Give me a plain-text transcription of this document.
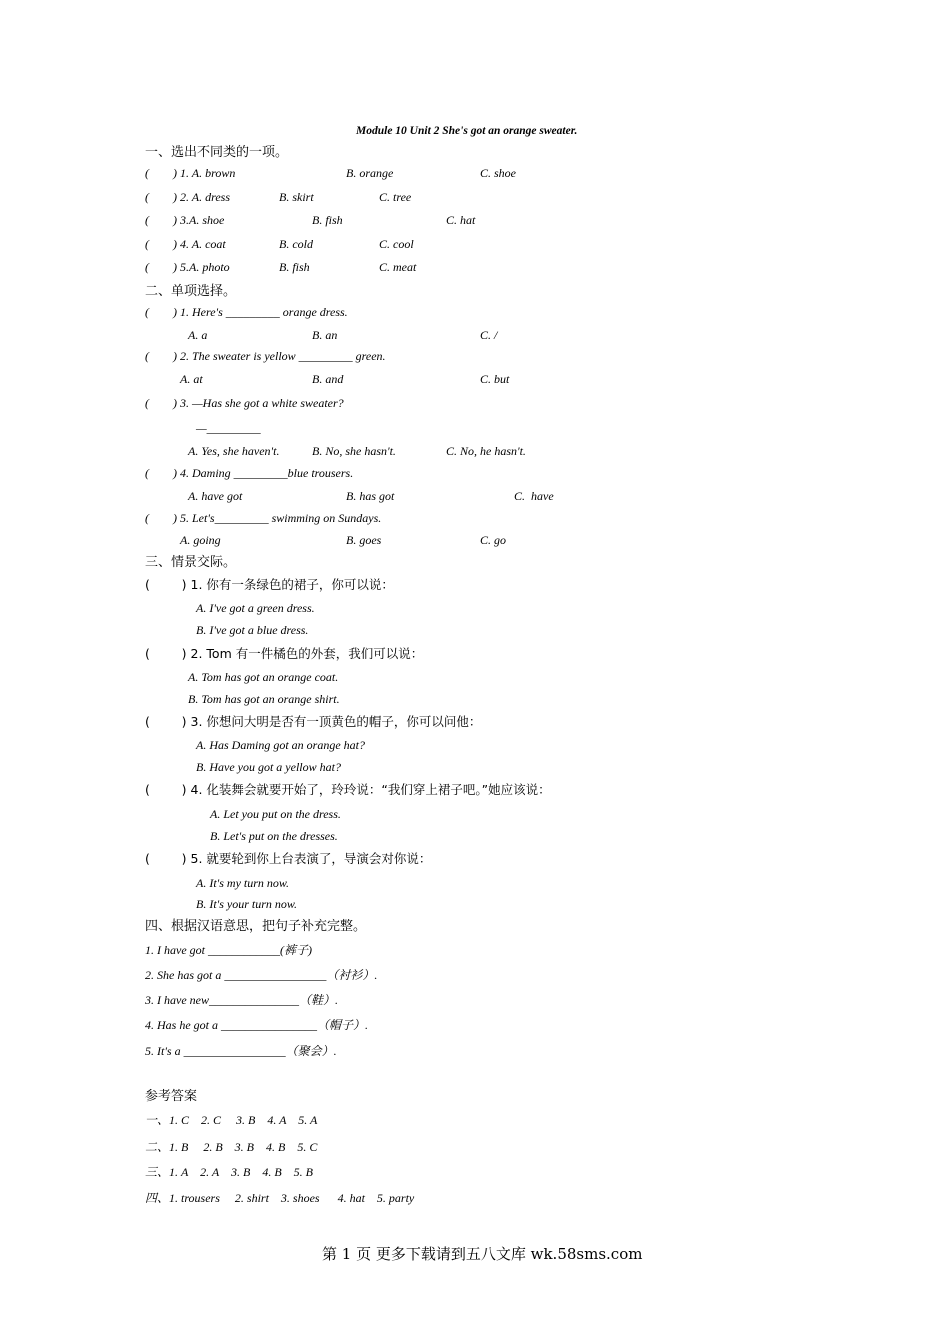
Module 10 Unit 2 She's got an orange sweater.
一、选出不同类的一项。
(        ) 1. A. brown	B. orange	C. shoe
(        ) 2. A. dress	B. skirt	C. tree
(        ) 3.A. shoe	B. fish	C. hat
(        ) 4. A. coat	B. cold	C. cool
(        ) 5.A. photo	B. fish	C. meat
二、单项选择。
(        ) 1. Here's _________ orange dress.
A. a	B. an	C. /
(        ) 2. The sweater is yellow _________ green.
A. at	B. and	C. but
(        ) 3. —Has she got a white sweater?
—_________
A. Yes, she haven't.	B. No, she hasn't.	C. No, he hasn't.
(        ) 4. Daming _________blue trousers.
A. have got	B. has got	C.  have
(        ) 5. Let's_________ swimming on Sundays.
A. going	B. goes	C. go
三、情景交际。
(        ) 1. 你有一条绿色的裙子，你可以说：
A. I've got a green dress.
B. I've got a blue dress.
(        ) 2. Tom 有一件橘色的外套，我们可以说：
A. Tom has got an orange coat.
B. Tom has got an orange shirt.
(        ) 3. 你想问大明是否有一顶黄色的帽子，你可以问他：
A. Has Daming got an orange hat?
B. Have you got a yellow hat?
(        ) 4. 化装舞会就要开始了，玲玲说：“我们穿上裙子吧。”她应该说：
A. Let you put on the dress.
B. Let's put on the dresses.
(        ) 5. 就要轮到你上台表演了，导演会对你说：
A. It's my turn now.
B. It's your turn now.
四、根据汉语意思，把句子补充完整。
1. I have got ____________(裤子)
2. She has got a _________________（衬衫）.
3. I have new_______________（鞋）.
4. Has he got a ________________（帽子）.
5. It's a _________________（聚会）.
参考答案
一、1. C    2. C     3. B    4. A    5. A
二、1. B     2. B    3. B    4. B    5. C
三、1. A    2. A    3. B    4. B    5. B
四、1. trousers     2. shirt    3. shoes      4. hat    5. party
第 1 页 更多下载请到五八文库 wk.58sms.com
